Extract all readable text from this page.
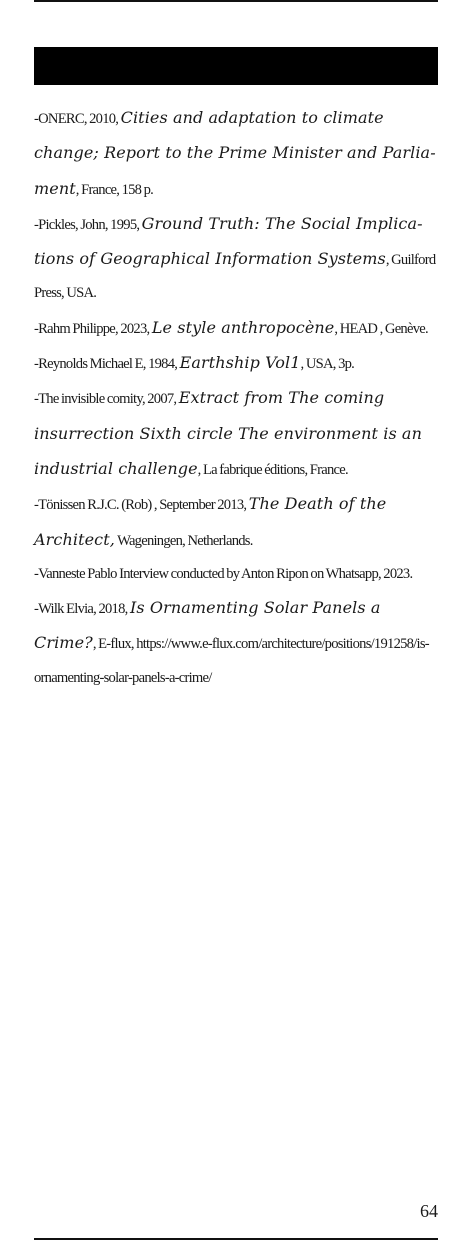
-ONERC, 2010, Cities and adaptation to climate change; Report to the Prime Minister and Parliament, France, 158 p.

-Pickles, John, 1995, Ground Truth: The Social Implications of Geographical Information Systems, Guilford Press, USA.

-Rahm Philippe, 2023, Le style anthropocène, HEAD , Genève.

-Reynolds Michael E, 1984, Earthship Vol1, USA, 3p.

-The invisible comity, 2007, Extract from The coming insurrection Sixth circle The environment is an industrial challenge, La fabrique éditions, France.

-Tönissen R.J.C. (Rob) , September 2013, The Death of the Architect, Wageningen, Netherlands.

-Vanneste Pablo Interview conducted by Anton Ripon on Whatsapp, 2023.

-Wilk Elvia, 2018, Is Ornamenting Solar Panels a Crime?, E-flux, https://www.e-flux.com/architecture/positions/191258/is-ornamenting-solar-panels-a-crime/

64
